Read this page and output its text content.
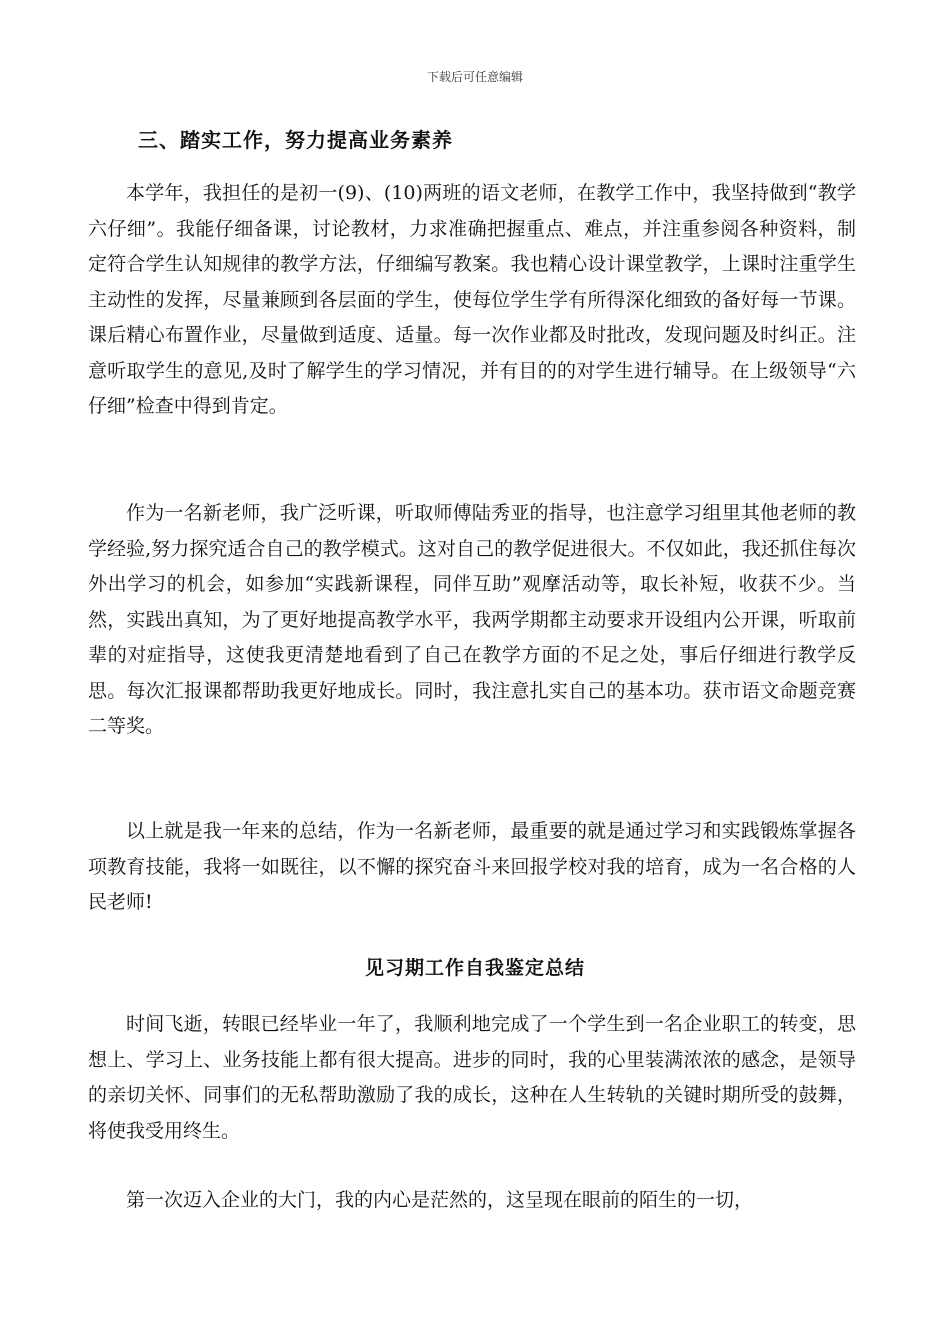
下载后可任意编辑
三、踏实工作，努力提高业务素养

本学年，我担任的是初一(9)、(10)两班的语文老师，在教学工作中，我坚持做到“教学六仔细”。我能仔细备课，讨论教材，力求准确把握重点、难点，并注重参阅各种资料，制定符合学生认知规律的教学方法，仔细编写教案。我也精心设计课堂教学，上课时注重学生主动性的发挥，尽量兼顾到各层面的学生，使每位学生学有所得深化细致的备好每一节课。课后精心布置作业，尽量做到适度、适量。每一次作业都及时批改，发现问题及时纠正。注意听取学生的意见,及时了解学生的学习情况，并有目的的对学生进行辅导。在上级领导“六仔细”检查中得到肯定。

作为一名新老师，我广泛听课，听取师傅陆秀亚的指导，也注意学习组里其他老师的教学经验,努力探究适合自己的教学模式。这对自己的教学促进很大。不仅如此，我还抓住每次外出学习的机会，如参加“实践新课程，同伴互助”观摩活动等，取长补短，收获不少。当然，实践出真知，为了更好地提高教学水平，我两学期都主动要求开设组内公开课，听取前辈的对症指导，这使我更清楚地看到了自己在教学方面的不足之处，事后仔细进行教学反思。每次汇报课都帮助我更好地成长。同时，我注意扎实自己的基本功。获市语文命题竞赛二等奖。

以上就是我一年来的总结，作为一名新老师，最重要的就是通过学习和实践锻炼掌握各项教育技能，我将一如既往，以不懈的探究奋斗来回报学校对我的培育，成为一名合格的人民老师!

见习期工作自我鉴定总结

时间飞逝，转眼已经毕业一年了，我顺利地完成了一个学生到一名企业职工的转变，思想上、学习上、业务技能上都有很大提高。进步的同时，我的心里装满浓浓的感念，是领导的亲切关怀、同事们的无私帮助激励了我的成长，这种在人生转轨的关键时期所受的鼓舞，将使我受用终生。

第一次迈入企业的大门，我的内心是茫然的，这呈现在眼前的陌生的一切，
